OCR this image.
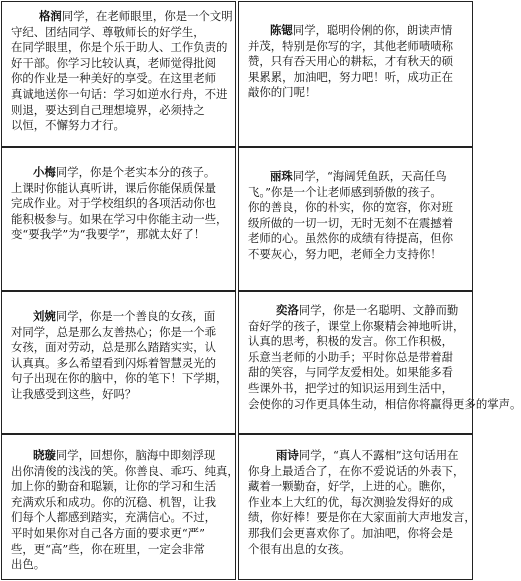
格润同学，在老师眼里，你是一个文明
守纪、团结同学、尊敬师长的好学生，
在同学眼里，你是个乐于助人、工作负责的
好干部。你学习比较认真，老师觉得批阅
你的作业是一种美好的享受。在这里老师
真诚地送你一句话：学习如逆水行舟，不进
则退，要达到自己理想境界，必须持之
以恒，不懈努力才行。
陈锶同学，聪明伶俐的你，朗读声情
并茂，特别是你写的字，其他老师啧啧称
赞，只有吞天用心的耕耘，才有秋天的硕
果累累，加油吧，努力吧！听，成功正在
敲你的门呢！
小梅同学，你是个老实本分的孩子。
上课时你能认真听讲，课后你能保质保量
完成作业。对于学校组织的各项活动你也
能积极参与。如果在学习中你能主动一些，
变“要我学”为“我要学”，那就太好了！
丽珠同学，“海阔凭鱼跃，天高任鸟
飞。”你是一个让老师感到骄傲的孩子。
你的善良，你的朴实，你的宽容，你对班
级所做的一切一切，无时无刻不在震撼着
老师的心。虽然你的成绩有待提高，但你
不要灰心，努力吧，老师全力支持你！
刘婉同学，你是一个善良的女孩，面
对同学，总是那么友善热心；你是一个乖
女孩，面对劳动，总是那么踏踏实实，认
认真真。多么希望看到闪烁着智慧灵光的
句子出现在你的脑中，你的笔下！下学期，
让我感受到这些，好吗？
奕洛同学，你是一名聪明、文静而勤
奋好学的孩子，课堂上你聚精会神地听讲，
认真的思考，积极的发言。你工作积极，
乐意当老师的小助手；平时你总是带着甜
甜的笑容，与同学友爱相处。如果能多看
些课外书，把学过的知识运用到生活中，
会使你的习作更具体生动，相信你将赢得更多的掌声。
晓璇同学，回想你，脑海中即刻浮现
出你清俊的浅浅的笑。你善良、乖巧、纯真，
加上你的勤奋和聪颖，让你的学习和生活
充满欢乐和成功。你的沉稳、机智，让我
们每个人都感到踏实，充满信心。不过，
平时如果你对自己各方面的要求更“严”
些，更“高”些，你在班里，一定会非常
出色。
雨诗同学，“真人不露相”这句话用在
你身上最适合了，在你不爱说话的外表下，
藏着一颗勤奋，好学，上进的心。瞧你，
作业本上大红的优，每次测验发得好的成
绩，你好棒！要是你在大家面前大声地发言，
那我们会更喜欢你了。加油吧，你将会是
个很有出息的女孩。
